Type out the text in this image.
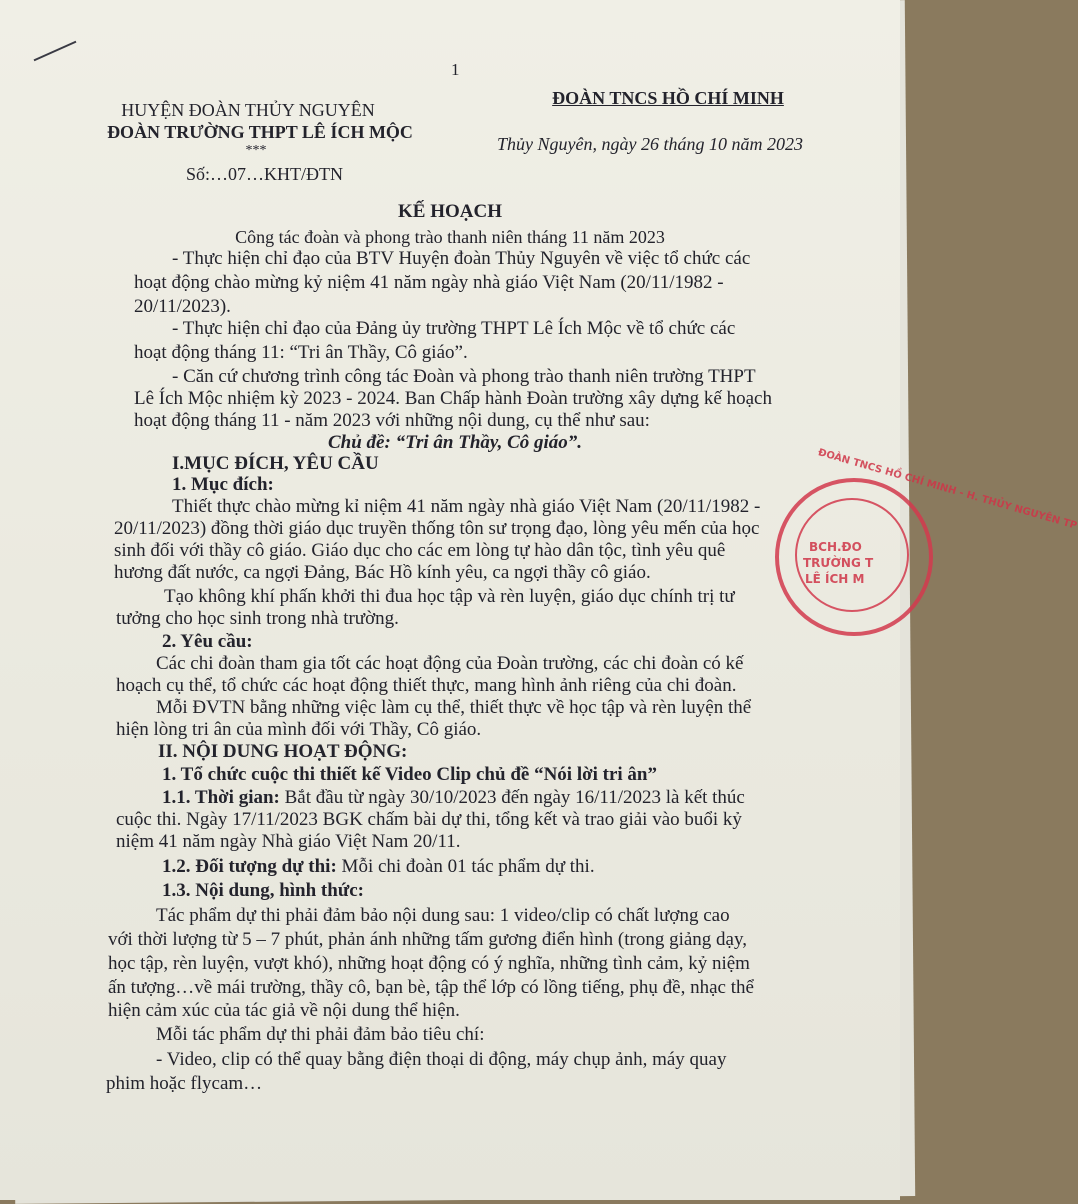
1
HUYỆN ĐOÀN THỦY NGUYÊN
ĐOÀN TRƯỜNG THPT LÊ ÍCH MỘC
***
Số:…07…KHT/ĐTN
ĐOÀN TNCS HỒ CHÍ MINH
Thủy Nguyên, ngày 26 tháng 10 năm 2023
KẾ HOẠCH
Công tác đoàn và phong trào thanh niên tháng 11 năm 2023
- Thực hiện chỉ đạo của BTV Huyện đoàn Thủy Nguyên về việc tổ chức các
hoạt động chào mừng kỷ niệm 41 năm ngày nhà giáo Việt Nam (20/11/1982 -
20/11/2023).
- Thực hiện chỉ đạo của Đảng ủy trường THPT Lê Ích Mộc về tổ chức các
hoạt động tháng 11: “Tri ân Thầy, Cô giáo”.
- Căn cứ chương trình công tác Đoàn và phong trào thanh niên trường THPT
Lê Ích Mộc nhiệm kỳ 2023 - 2024. Ban Chấp hành Đoàn trường xây dựng kế hoạch
hoạt động tháng 11 - năm 2023 với những nội dung, cụ thể như sau:
Chủ đề: “Tri ân Thầy, Cô giáo”.
I.MỤC ĐÍCH, YÊU CẦU
1. Mục đích:
Thiết thực chào mừng kỉ niệm 41 năm ngày nhà giáo Việt Nam (20/11/1982 -
20/11/2023) đồng thời giáo dục truyền thống tôn sư trọng đạo, lòng yêu mến của học
sinh đối với thầy cô giáo. Giáo dục cho các em lòng tự hào dân tộc, tình yêu quê
hương đất nước, ca ngợi Đảng, Bác Hồ kính yêu, ca ngợi thầy cô giáo.
Tạo không khí phấn khởi thi đua học tập và rèn luyện, giáo dục chính trị tư
tưởng cho học sinh trong nhà trường.
2. Yêu cầu:
Các chi đoàn tham gia tốt các hoạt động của Đoàn trường, các chi đoàn có kế
hoạch cụ thể, tổ chức các hoạt động thiết thực, mang hình ảnh riêng của chi đoàn.
Mỗi ĐVTN bằng những việc làm cụ thể, thiết thực về học tập và rèn luyện thể
hiện lòng tri ân của mình đối với Thầy, Cô giáo.
II. NỘI DUNG HOẠT ĐỘNG:
1. Tổ chức cuộc thi thiết kế Video Clip chủ đề “Nói lời tri ân”
1.1. Thời gian: Bắt đầu từ ngày 30/10/2023 đến ngày 16/11/2023 là kết thúc
cuộc thi. Ngày 17/11/2023 BGK chấm bài dự thi, tổng kết và trao giải vào buổi kỷ
niệm 41 năm ngày Nhà giáo Việt Nam 20/11.
1.2. Đối tượng dự thi: Mỗi chi đoàn 01 tác phẩm dự thi.
1.3. Nội dung, hình thức:
Tác phẩm dự thi phải đảm bảo nội dung sau: 1 video/clip có chất lượng cao
với thời lượng từ 5 – 7 phút, phản ánh những tấm gương điển hình (trong giảng dạy,
học tập, rèn luyện, vượt khó), những hoạt động có ý nghĩa, những tình cảm, kỷ niệm
ấn tượng…về mái trường, thầy cô, bạn bè, tập thể lớp có lồng tiếng, phụ đề, nhạc thể
hiện cảm xúc của tác giả về nội dung thể hiện.
Mỗi tác phẩm dự thi phải đảm bảo tiêu chí:
- Video, clip có thể quay bằng điện thoại di động, máy chụp ảnh, máy quay
phim hoặc flycam…
ĐOÀN TNCS HỒ CHÍ MINH - H. THỦY NGUYÊN TP
BCH.ĐO
TRƯỜNG T
LÊ ÍCH M
